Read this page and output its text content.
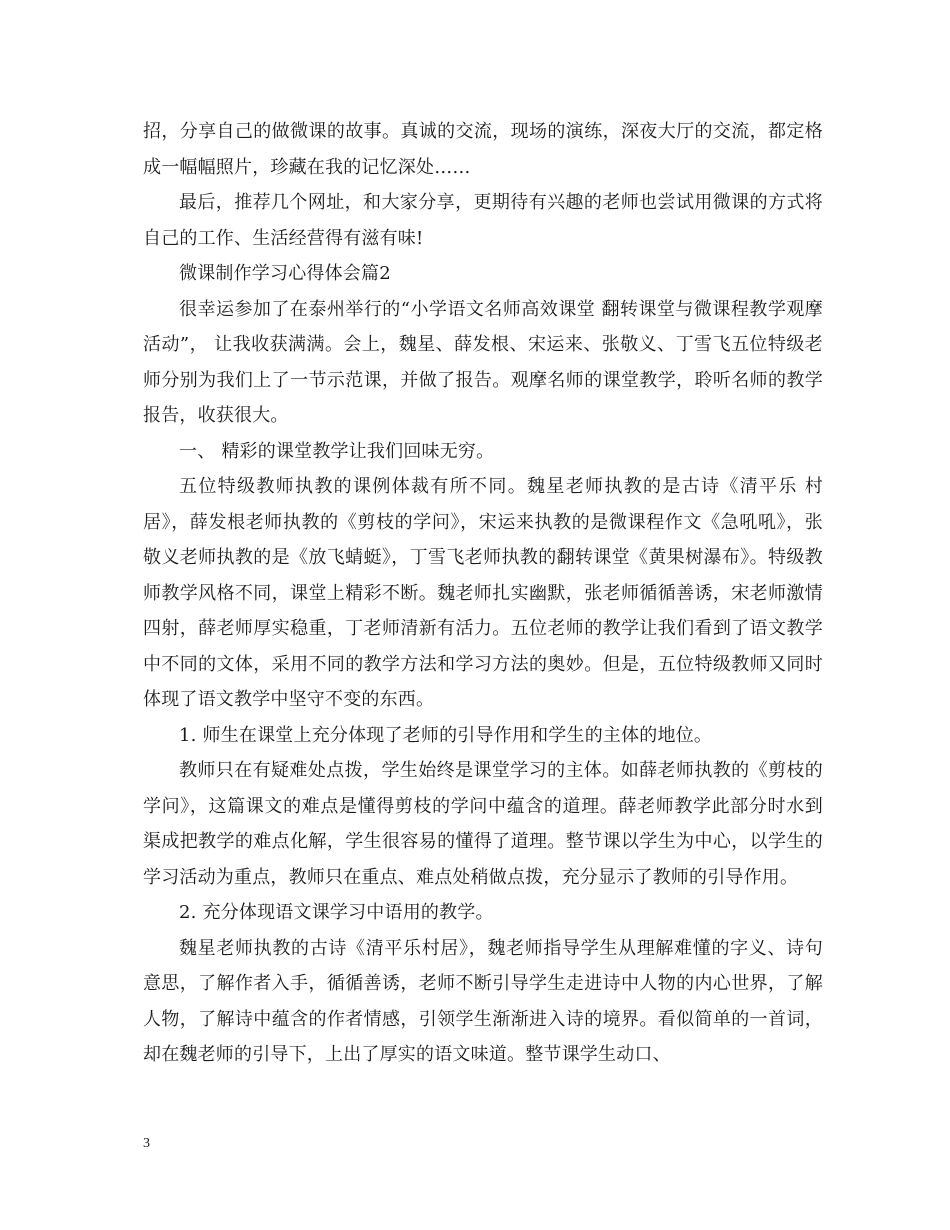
招，分享自己的做微课的故事。真诚的交流，现场的演练，深夜大厅的交流，都定格成一幅幅照片，珍藏在我的记忆深处……

最后，推荐几个网址，和大家分享，更期待有兴趣的老师也尝试用微课的方式将自己的工作、生活经营得有滋有味!

微课制作学习心得体会篇2

很幸运参加了在泰州举行的“小学语文名师高效课堂 翻转课堂与微课程教学观摩活动”， 让我收获满满。会上，魏星、薛发根、宋运来、张敬义、丁雪飞五位特级老师分别为我们上了一节示范课，并做了报告。观摩名师的课堂教学，聆听名师的教学报告，收获很大。

一、 精彩的课堂教学让我们回味无穷。

五位特级教师执教的课例体裁有所不同。魏星老师执教的是古诗《清平乐 村居》，薛发根老师执教的《剪枝的学问》，宋运来执教的是微课程作文《急吼吼》，张敬义老师执教的是《放飞蜻蜓》，丁雪飞老师执教的翻转课堂《黄果树瀑布》。特级教师教学风格不同，课堂上精彩不断。魏老师扎实幽默，张老师循循善诱，宋老师激情四射，薛老师厚实稳重，丁老师清新有活力。五位老师的教学让我们看到了语文教学中不同的文体，采用不同的教学方法和学习方法的奥妙。但是，五位特级教师又同时体现了语文教学中坚守不变的东西。

1. 师生在课堂上充分体现了老师的引导作用和学生的主体的地位。

教师只在有疑难处点拨，学生始终是课堂学习的主体。如薛老师执教的《剪枝的学问》，这篇课文的难点是懂得剪枝的学问中蕴含的道理。薛老师教学此部分时水到渠成把教学的难点化解，学生很容易的懂得了道理。整节课以学生为中心，以学生的学习活动为重点，教师只在重点、难点处稍做点拨，充分显示了教师的引导作用。

2. 充分体现语文课学习中语用的教学。

魏星老师执教的古诗《清平乐村居》，魏老师指导学生从理解难懂的字义、诗句意思，了解作者入手，循循善诱，老师不断引导学生走进诗中人物的内心世界，了解人物，了解诗中蕴含的作者情感，引领学生渐渐进入诗的境界。看似简单的一首词，却在魏老师的引导下，上出了厚实的语文味道。整节课学生动口、

3
